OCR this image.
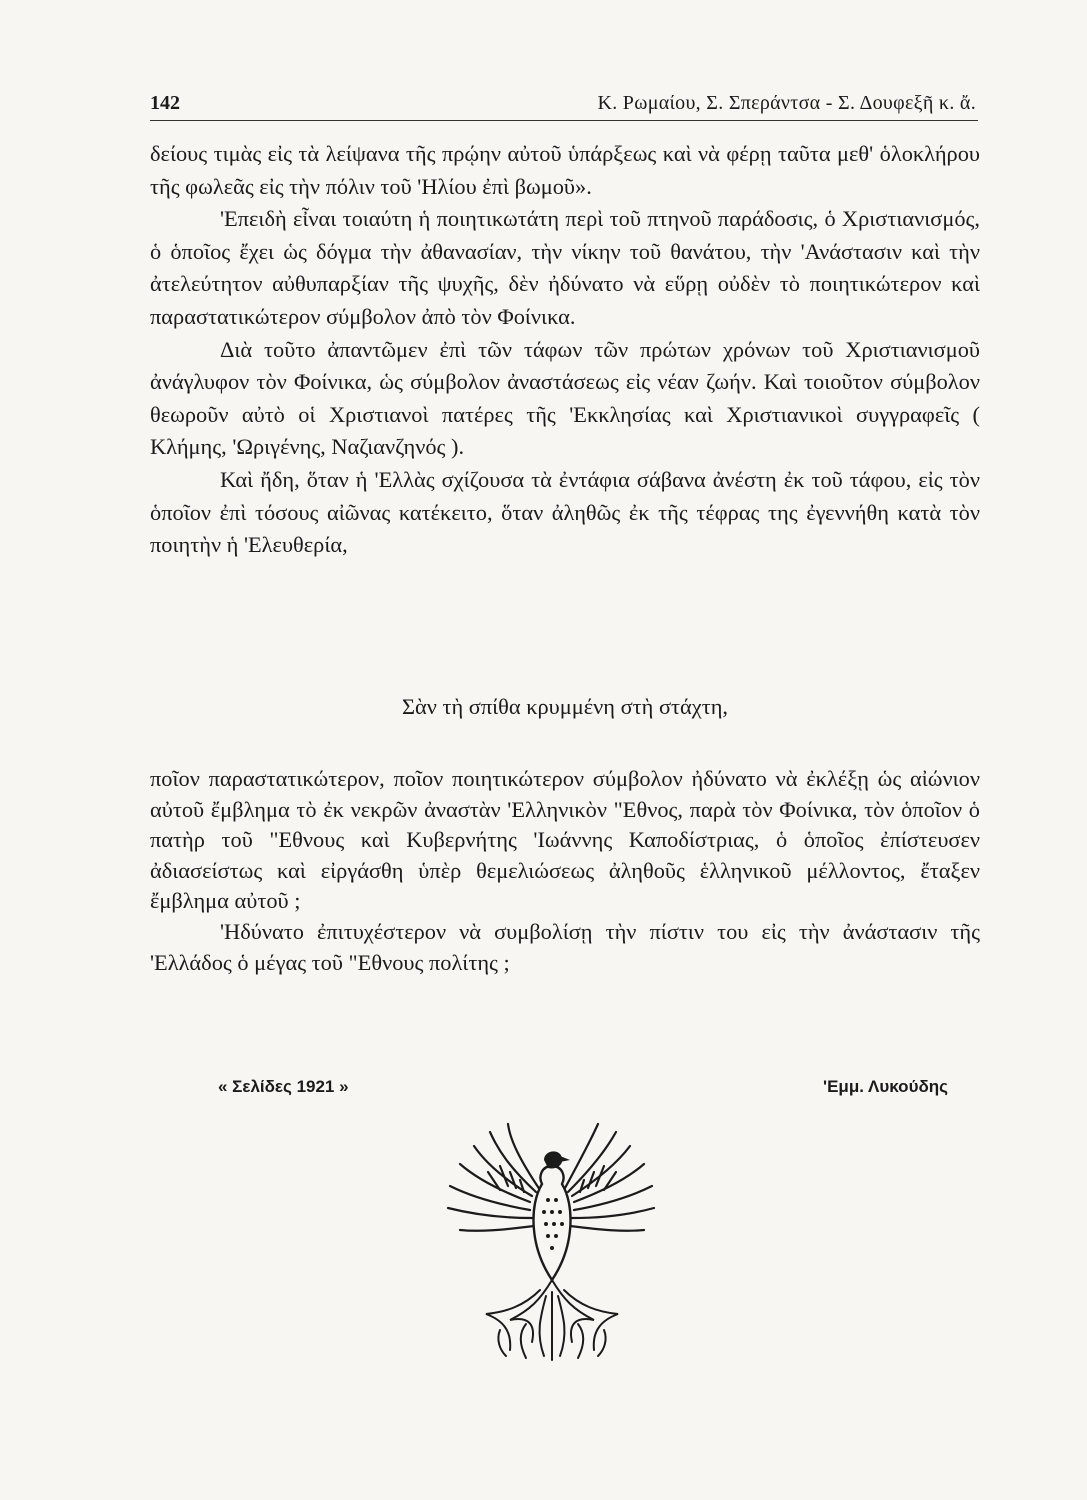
142	Κ. Ρωμαίου, Σ. Σπεράντσα - Σ. Δουφεξῆ κ. ἄ.

δείους τιμὰς εἰς τὰ λείψανα τῆς πρῴην αὐτοῦ ὑπάρξεως καὶ νὰ φέρῃ ταῦτα μεθ' ὁλοκλήρου τῆς φωλεᾶς εἰς τὴν πόλιν τοῦ 'Ηλίου ἐπὶ βωμοῦ».

'Επειδὴ εἶναι τοιαύτη ἡ ποιητικωτάτη περὶ τοῦ πτηνοῦ παράδοσις, ὁ Χριστιανισμός, ὁ ὁποῖος ἔχει ὡς δόγμα τὴν ἀθανασίαν, τὴν νίκην τοῦ θανάτου, τὴν 'Ανάστασιν καὶ τὴν ἀτελεύτητον αὐθυπαρξίαν τῆς ψυχῆς, δὲν ἠδύνατο νὰ εὕρῃ οὐδὲν τὸ ποιητικώτερον καὶ παραστατικώτερον σύμβολον ἀπὸ τὸν Φοίνικα.

Διὰ τοῦτο ἀπαντῶμεν ἐπὶ τῶν τάφων τῶν πρώτων χρόνων τοῦ Χριστιανισμοῦ ἀνάγλυφον τὸν Φοίνικα, ὡς σύμβολον ἀναστάσεως εἰς νέαν ζωήν. Καὶ τοιοῦτον σύμβολον θεωροῦν αὐτὸ οἱ Χριστιανοὶ πατέρες τῆς 'Εκκλησίας καὶ Χριστιανικοὶ συγγραφεῖς ( Κλήμης, 'Ωριγένης, Ναζιανζηνός ).

Καὶ ἤδη, ὅταν ἡ 'Ελλὰς σχίζουσα τὰ ἐντάφια σάβανα ἀνέστη ἐκ τοῦ τάφου, εἰς τὸν ὁποῖον ἐπὶ τόσους αἰῶνας κατέκειτο, ὅταν ἀληθῶς ἐκ τῆς τέφρας της ἐγεννήθη κατὰ τὸν ποιητὴν ἡ 'Ελευθερία,

Σὰν τὴ σπίθα κρυμμένη στὴ στάχτη,

ποῖον παραστατικώτερον, ποῖον ποιητικώτερον σύμβολον ἠδύνατο νὰ ἐκλέξῃ ὡς αἰώνιον αὐτοῦ ἔμβλημα τὸ ἐκ νεκρῶν ἀναστὰν 'Ελληνικὸν "Εθνος, παρὰ τὸν Φοίνικα, τὸν ὁποῖον ὁ πατὴρ τοῦ "Εθνους καὶ Κυβερνήτης 'Ιωάννης Καποδίστριας, ὁ ὁποῖος ἐπίστευσεν ἀδιασείστως καὶ εἰργάσθη ὑπὲρ θεμελιώσεως ἀληθοῦς ἑλληνικοῦ μέλλοντος, ἔταξεν ἔμβλημα αὐτοῦ ;

'Ηδύνατο ἐπιτυχέστερον νὰ συμβολίσῃ τὴν πίστιν του εἰς τὴν ἀνάστασιν τῆς 'Ελλάδος ὁ μέγας τοῦ "Εθνους πολίτης ;

« Σελίδες 1921 »	'Εμμ. Λυκούδης
